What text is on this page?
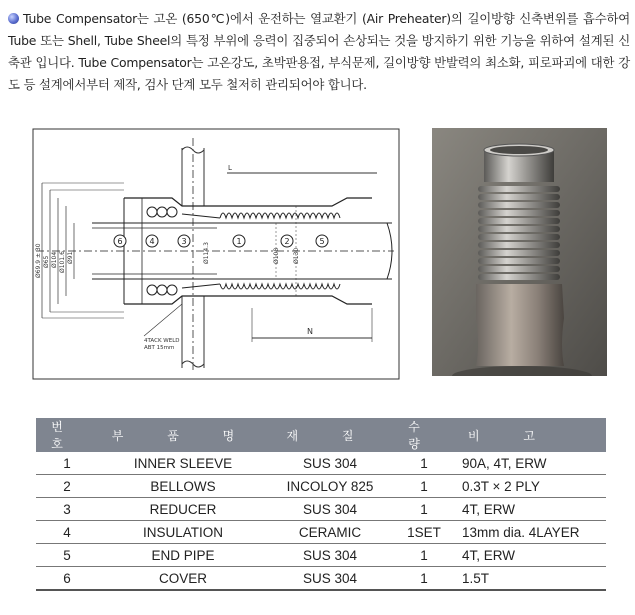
Tube Compensator는 고온 (650℃)에서 운전하는 열교환기 (Air Preheater)의 길이방향 신축변위를 흡수하여 Tube 또는 Shell, Tube Sheel의 특정 부위에 응력이 집중되어 손상되는 것을 방지하기 위한 기능을 위하여 설계된 신축관 입니다. Tube Compensator는 고온강도, 초박판용접, 부식문제, 길이방향 반발력의 최소화, 피로파괴에 대한 강도 등 설계에서부터 제작, 검사 단계 모두 철저히 관리되어야 합니다.
L
Ø69.9 ± 30 Ø65 Ø104 Ø101.6 Ø91	Ø114.3	Ø108 Ø130
6	4	3	1	2	5
N
4TACK WELD
ABT 15mm
번 호	부 품 명	재 질	수 량	비 고
1	INNER SLEEVE	SUS 304	1	90A, 4T, ERW
2	BELLOWS	INCOLOY 825	1	0.3T × 2 PLY
3	REDUCER	SUS 304	1	4T, ERW
4	INSULATION	CERAMIC	1SET	13mm dia. 4LAYER
5	END PIPE	SUS 304	1	4T, ERW
6	COVER	SUS 304	1	1.5T
